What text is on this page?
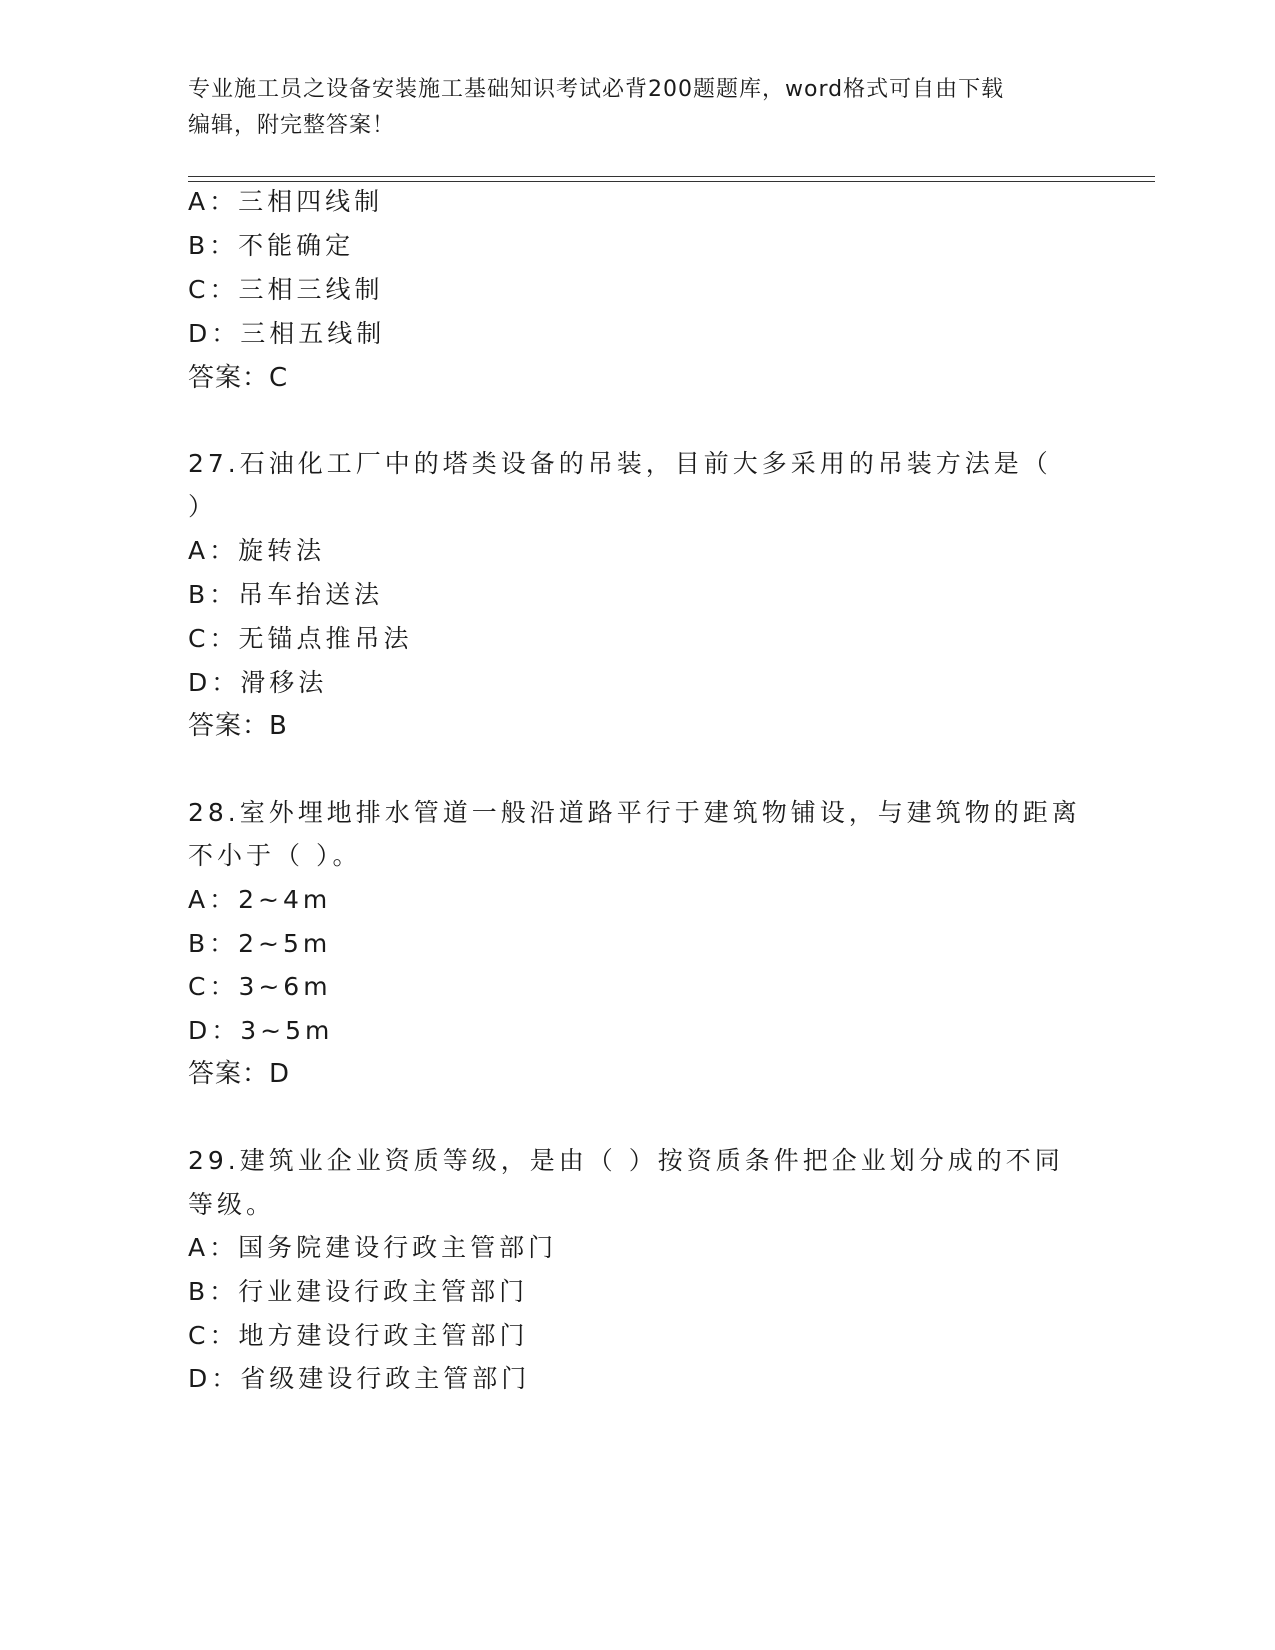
专业施工员之设备安装施工基础知识考试必背200题题库，word格式可自由下载
编辑，附完整答案！
A：三相四线制
B：不能确定
C：三相三线制
D：三相五线制
答案：C
27.石油化工厂中的塔类设备的吊装，目前大多采用的吊装方法是（
）
A：旋转法
B：吊车抬送法
C：无锚点推吊法
D：滑移法
答案：B
28.室外埋地排水管道一般沿道路平行于建筑物铺设，与建筑物的距离
不小于（ ）。
A：2~4m
B：2~5m
C：3~6m
D：3~5m
答案：D
29.建筑业企业资质等级，是由（ ）按资质条件把企业划分成的不同
等级。
A：国务院建设行政主管部门
B：行业建设行政主管部门
C：地方建设行政主管部门
D：省级建设行政主管部门
